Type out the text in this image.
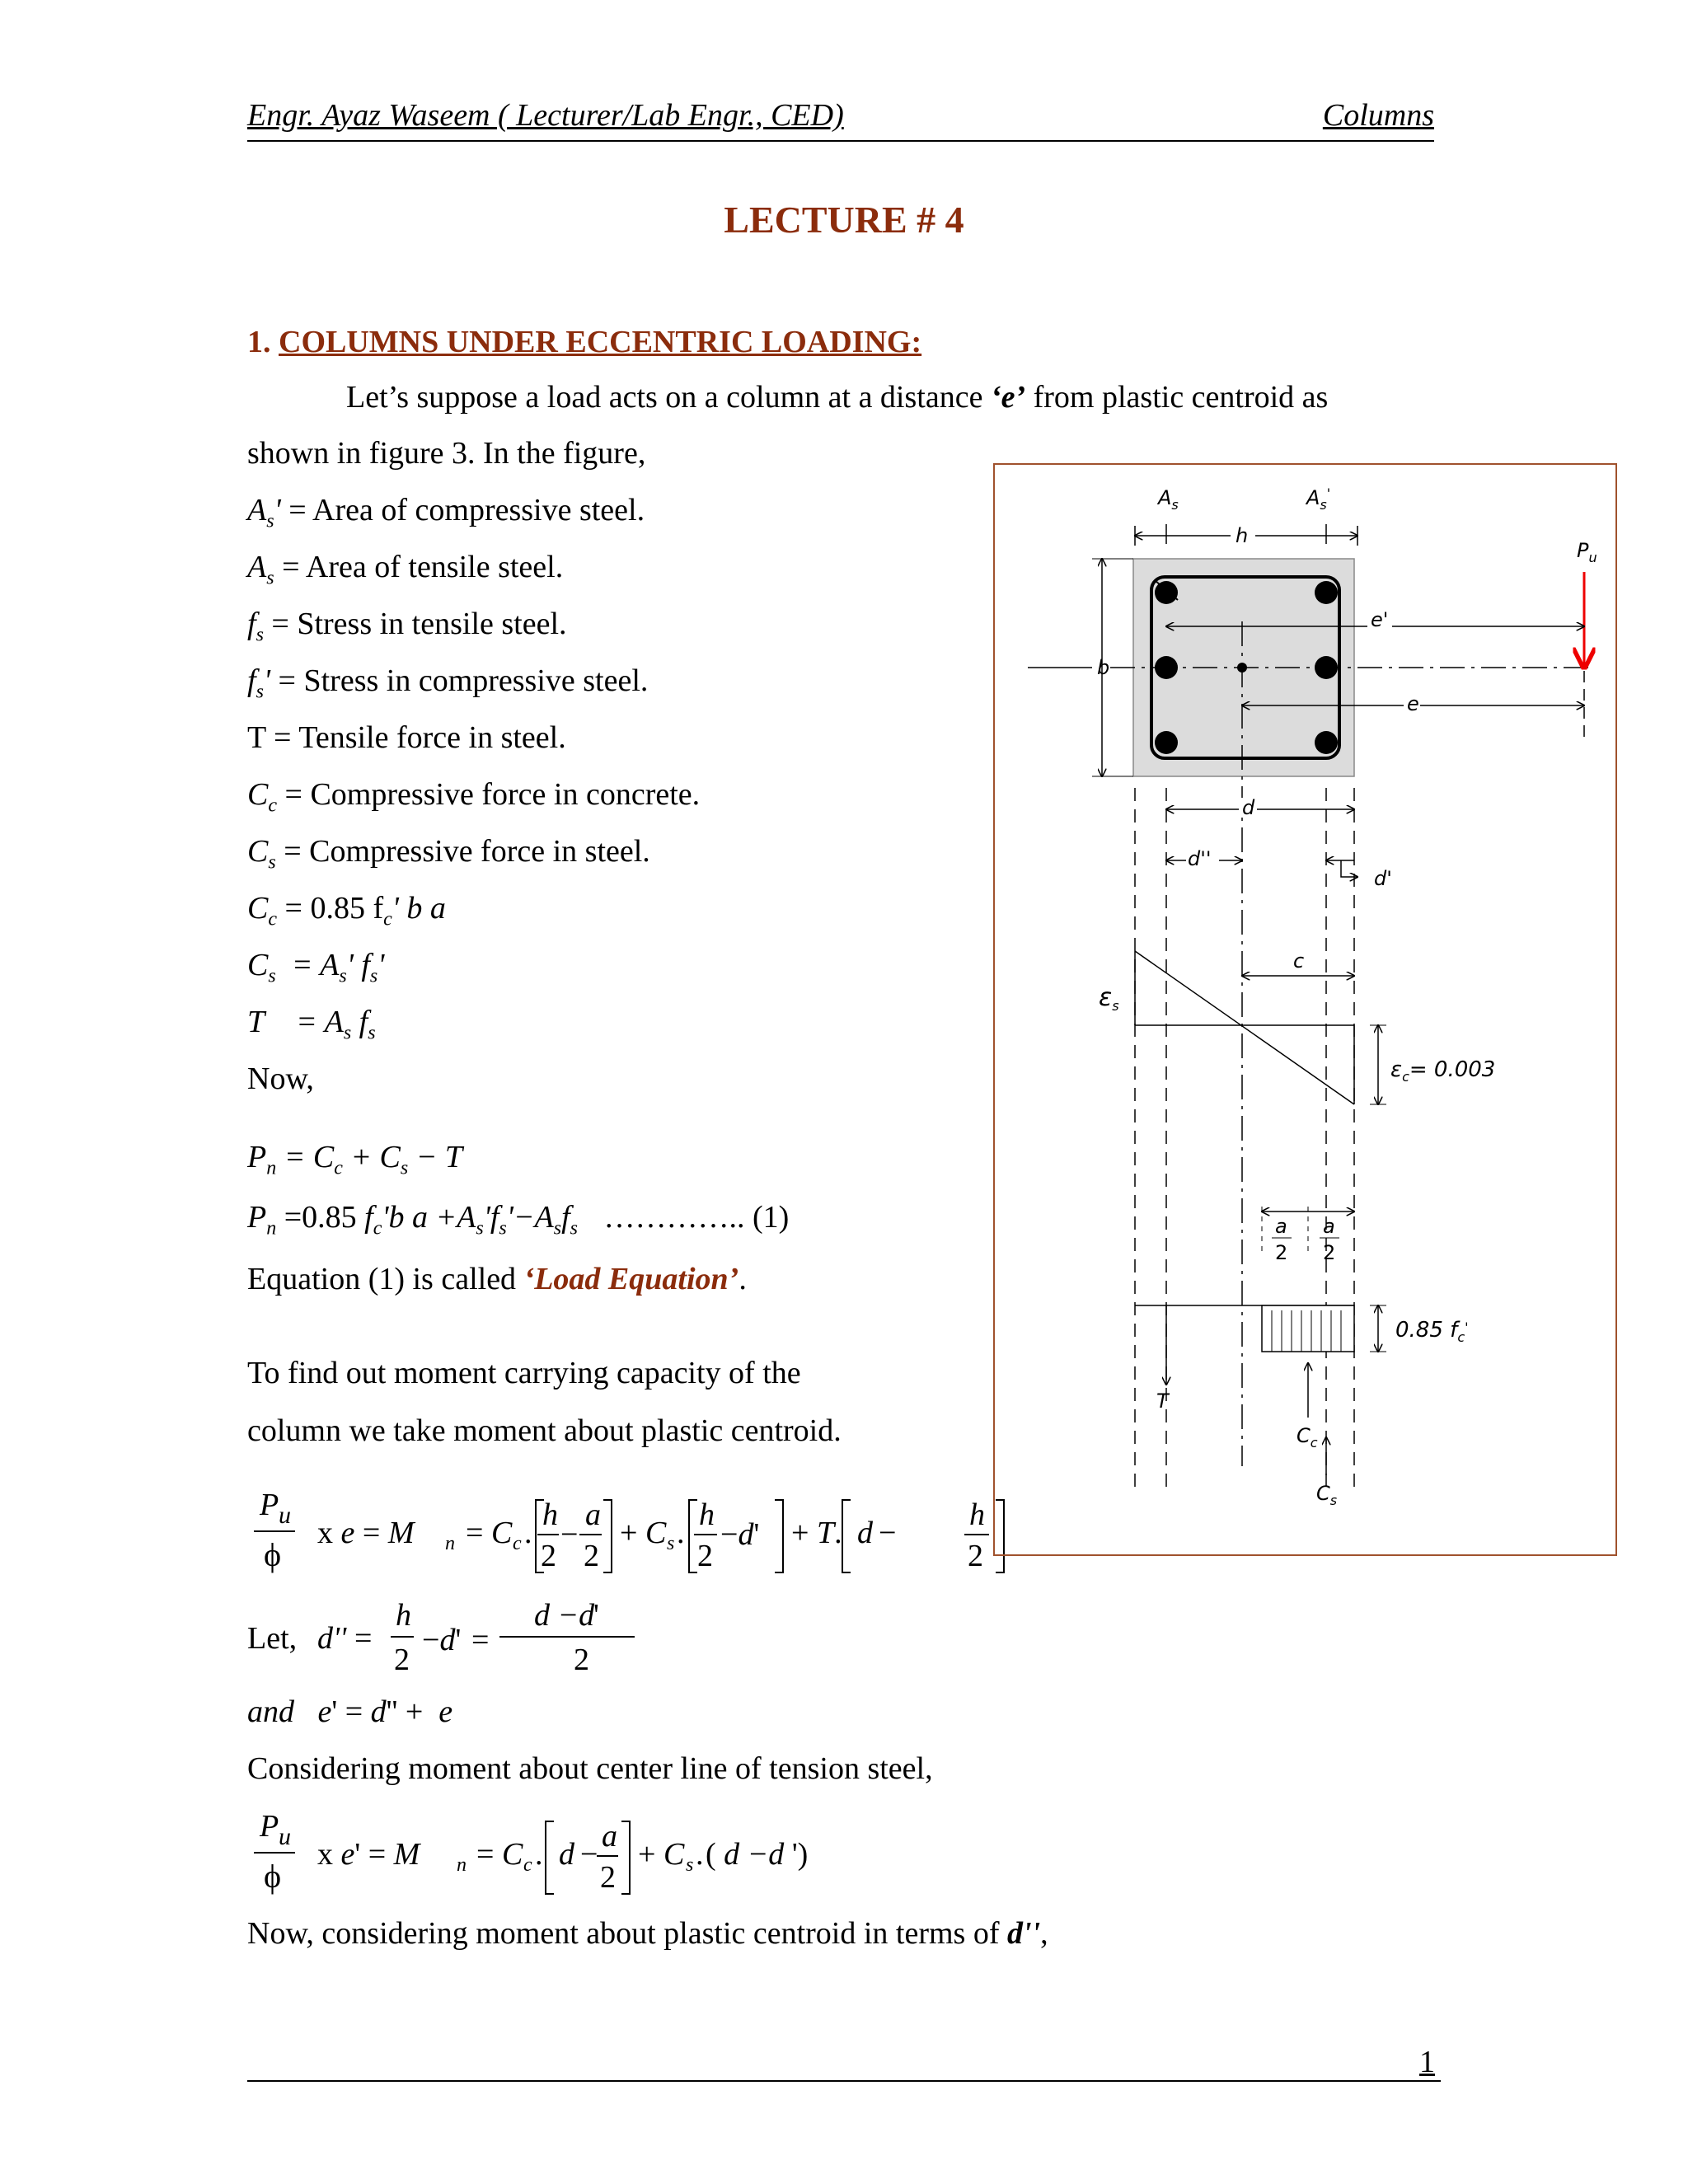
Engr. Ayaz Waseem ( Lecturer/Lab Engr., CED)	Columns
LECTURE # 4
1. COLUMNS UNDER ECCENTRIC LOADING:
Let’s suppose a load acts on a column at a distance ‘e’ from plastic centroid as
shown in figure 3. In the figure,
$A_s'$ = Area of compressive steel.
$A_s$ = Area of tensile steel.
$f_s$ = Stress in tensile steel.
$f_s'$ = Stress in compressive steel.
T = Tensile force in steel.
$C_c$ = Compressive force in concrete.
$C_s$ = Compressive force in steel.
$C_c = 0.85$ $f_c'$ b a
$C_s = A_s'$ $f_s'$
$T = A_s$ $f_s$
Now,
$P_n = C_c + C_s - T$
$P_n =0.85$ $f_c'b$ $a +A_s'f_s'-A_sf_s$ ………….. (1)
Equation (1) is called ‘Load Equation’.
To find out moment carrying capacity of the
column we take moment about plastic centroid.
P u
ϕ
x e = M n = C c .
h
2
−
a
2
+ C s .
h
2
−d' + T. d −
h
2
Let, d'' =
h
2
−d' =
d −d
'
2
and e' = d'' +  e
Considering moment about center line of tension steel,
P u
ϕ
x e' = M n = C c . d −
a
2
+ C s . ( d −d ')
Now, considering moment about plastic centroid in terms of d'',
$A_s$	$A_s'$
h
b
$P_u$
e'
e
d
d''
d'
c
$\varepsilon_s$
$\varepsilon_c= 0.003$
a
2
a
2
0.85 $f_c'$
T
$C_c$
$C_s$
1
